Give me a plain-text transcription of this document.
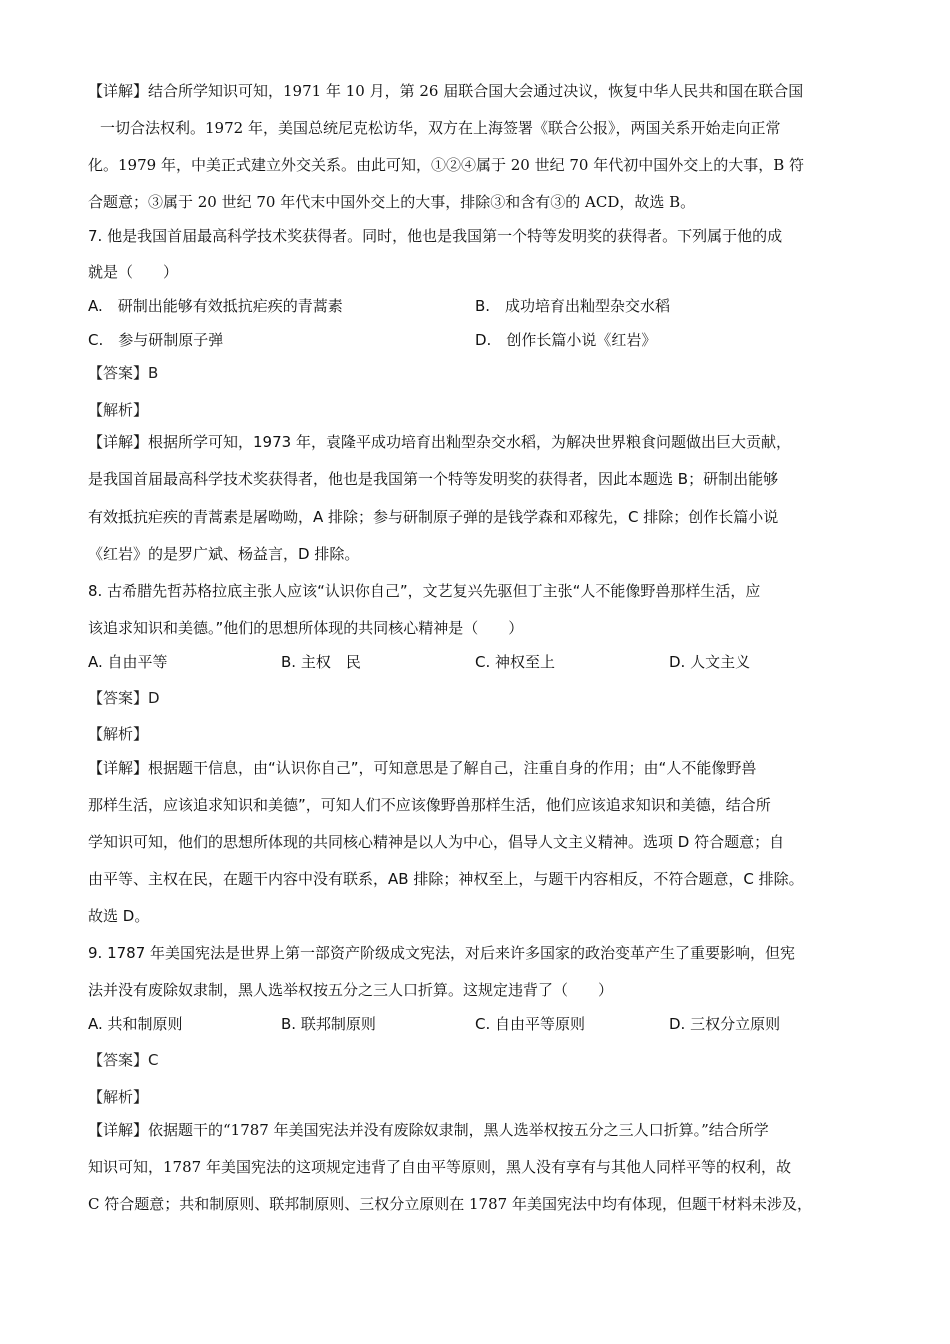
【详解】结合所学知识可知，1971 年 10 月，第 26 届联合国大会通过决议，恢复中华人民共和国在联合国
一切合法权利。1972 年，美国总统尼克松访华，双方在上海签署《联合公报》，两国关系开始走向正常
化。1979 年，中美正式建立外交关系。由此可知，①②④属于 20 世纪 70 年代初中国外交上的大事，B 符
合题意；③属于 20 世纪 70 年代末中国外交上的大事，排除③和含有③的 ACD，故选 B。
7. 他是我国首届最高科学技术奖获得者。同时，他也是我国第一个特等发明奖的获得者。下列属于他的成
就是（　　）
A.　研制出能够有效抵抗疟疾的青蒿素	B.　成功培育出籼型杂交水稻
C.　参与研制原子弹	D.　创作长篇小说《红岩》
【答案】B
【解析】
【详解】根据所学可知，1973 年，袁隆平成功培育出籼型杂交水稻，为解决世界粮食问题做出巨大贡献，
是我国首届最高科学技术奖获得者，他也是我国第一个特等发明奖的获得者，因此本题选 B；研制出能够
有效抵抗疟疾的青蒿素是屠呦呦，A 排除；参与研制原子弹的是钱学森和邓稼先，C 排除；创作长篇小说
《红岩》的是罗广斌、杨益言，D 排除。
8. 古希腊先哲苏格拉底主张人应该“认识你自己”，文艺复兴先驱但丁主张“人不能像野兽那样生活，应
该追求知识和美德。”他们的思想所体现的共同核心精神是（　　）
A. 自由平等	B. 主权　民	C. 神权至上	D. 人文主义
【答案】D
【解析】
【详解】根据题干信息，由“认识你自己”，可知意思是了解自己，注重自身的作用；由“人不能像野兽
那样生活，应该追求知识和美德”，可知人们不应该像野兽那样生活，他们应该追求知识和美德，结合所
学知识可知，他们的思想所体现的共同核心精神是以人为中心，倡导人文主义精神。选项 D 符合题意；自
由平等、主权在民，在题干内容中没有联系，AB 排除；神权至上，与题干内容相反，不符合题意，C 排除。
故选 D。
9. 1787 年美国宪法是世界上第一部资产阶级成文宪法，对后来许多国家的政治变革产生了重要影响，但宪
法并没有废除奴隶制，黑人选举权按五分之三人口折算。这规定违背了（　　）
A. 共和制原则	B. 联邦制原则	C. 自由平等原则	D. 三权分立原则
【答案】C
【解析】
【详解】依据题干的“1787 年美国宪法并没有废除奴隶制，黑人选举权按五分之三人口折算。”结合所学
知识可知，1787 年美国宪法的这项规定违背了自由平等原则，黑人没有享有与其他人同样平等的权利，故
C 符合题意；共和制原则、联邦制原则、三权分立原则在 1787 年美国宪法中均有体现，但题干材料未涉及，
